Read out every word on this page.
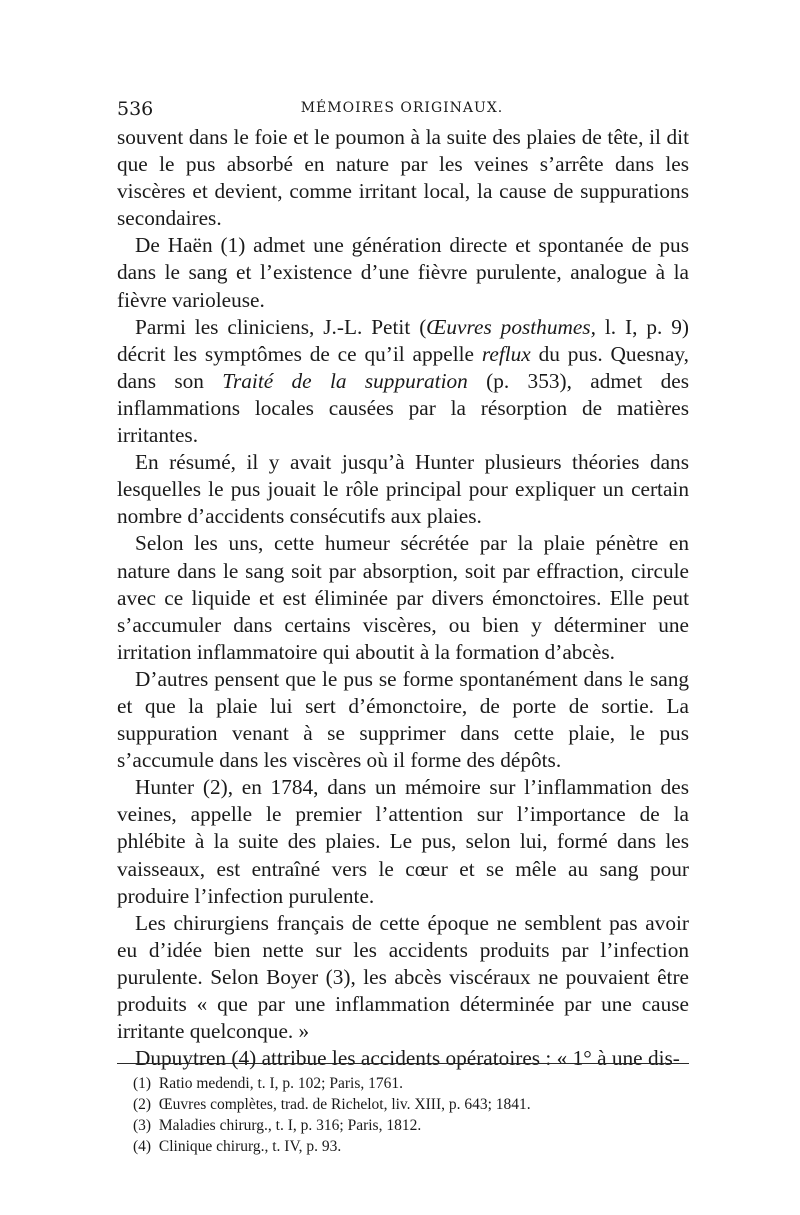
536	MÉMOIRES ORIGINAUX.

souvent dans le foie et le poumon à la suite des plaies de tête, il dit que le pus absorbé en nature par les veines s’arrête dans les viscères et devient, comme irritant local, la cause de suppurations secondaires.

De Haën (1) admet une génération directe et spontanée de pus dans le sang et l’existence d’une fièvre purulente, analogue à la fièvre varioleuse.

Parmi les cliniciens, J.-L. Petit (Œuvres posthumes, l. I, p. 9) décrit les symptômes de ce qu’il appelle reflux du pus. Quesnay, dans son Traité de la suppuration (p. 353), admet des inflammations locales causées par la résorption de matières irritantes.

En résumé, il y avait jusqu’à Hunter plusieurs théories dans lesquelles le pus jouait le rôle principal pour expliquer un certain nombre d’accidents consécutifs aux plaies.

Selon les uns, cette humeur sécrétée par la plaie pénètre en nature dans le sang soit par absorption, soit par effraction, circule avec ce liquide et est éliminée par divers émonctoires. Elle peut s’accumuler dans certains viscères, ou bien y déterminer une irritation inflammatoire qui aboutit à la formation d’abcès.

D’autres pensent que le pus se forme spontanément dans le sang et que la plaie lui sert d’émonctoire, de porte de sortie. La suppuration venant à se supprimer dans cette plaie, le pus s’accumule dans les viscères où il forme des dépôts.

Hunter (2), en 1784, dans un mémoire sur l’inflammation des veines, appelle le premier l’attention sur l’importance de la phlébite à la suite des plaies. Le pus, selon lui, formé dans les vaisseaux, est entraîné vers le cœur et se mêle au sang pour produire l’infection purulente.

Les chirurgiens français de cette époque ne semblent pas avoir eu d’idée bien nette sur les accidents produits par l’infection purulente. Selon Boyer (3), les abcès viscéraux ne pouvaient être produits « que par une inflammation déterminée par une cause irritante quelconque. »

Dupuytren (4) attribue les accidents opératoires : « 1° à une dis-

(1) Ratio medendi, t. I, p. 102; Paris, 1761.
(2) Œuvres complètes, trad. de Richelot, liv. XIII, p. 643; 1841.
(3) Maladies chirurg., t. I, p. 316; Paris, 1812.
(4) Clinique chirurg., t. IV, p. 93.
